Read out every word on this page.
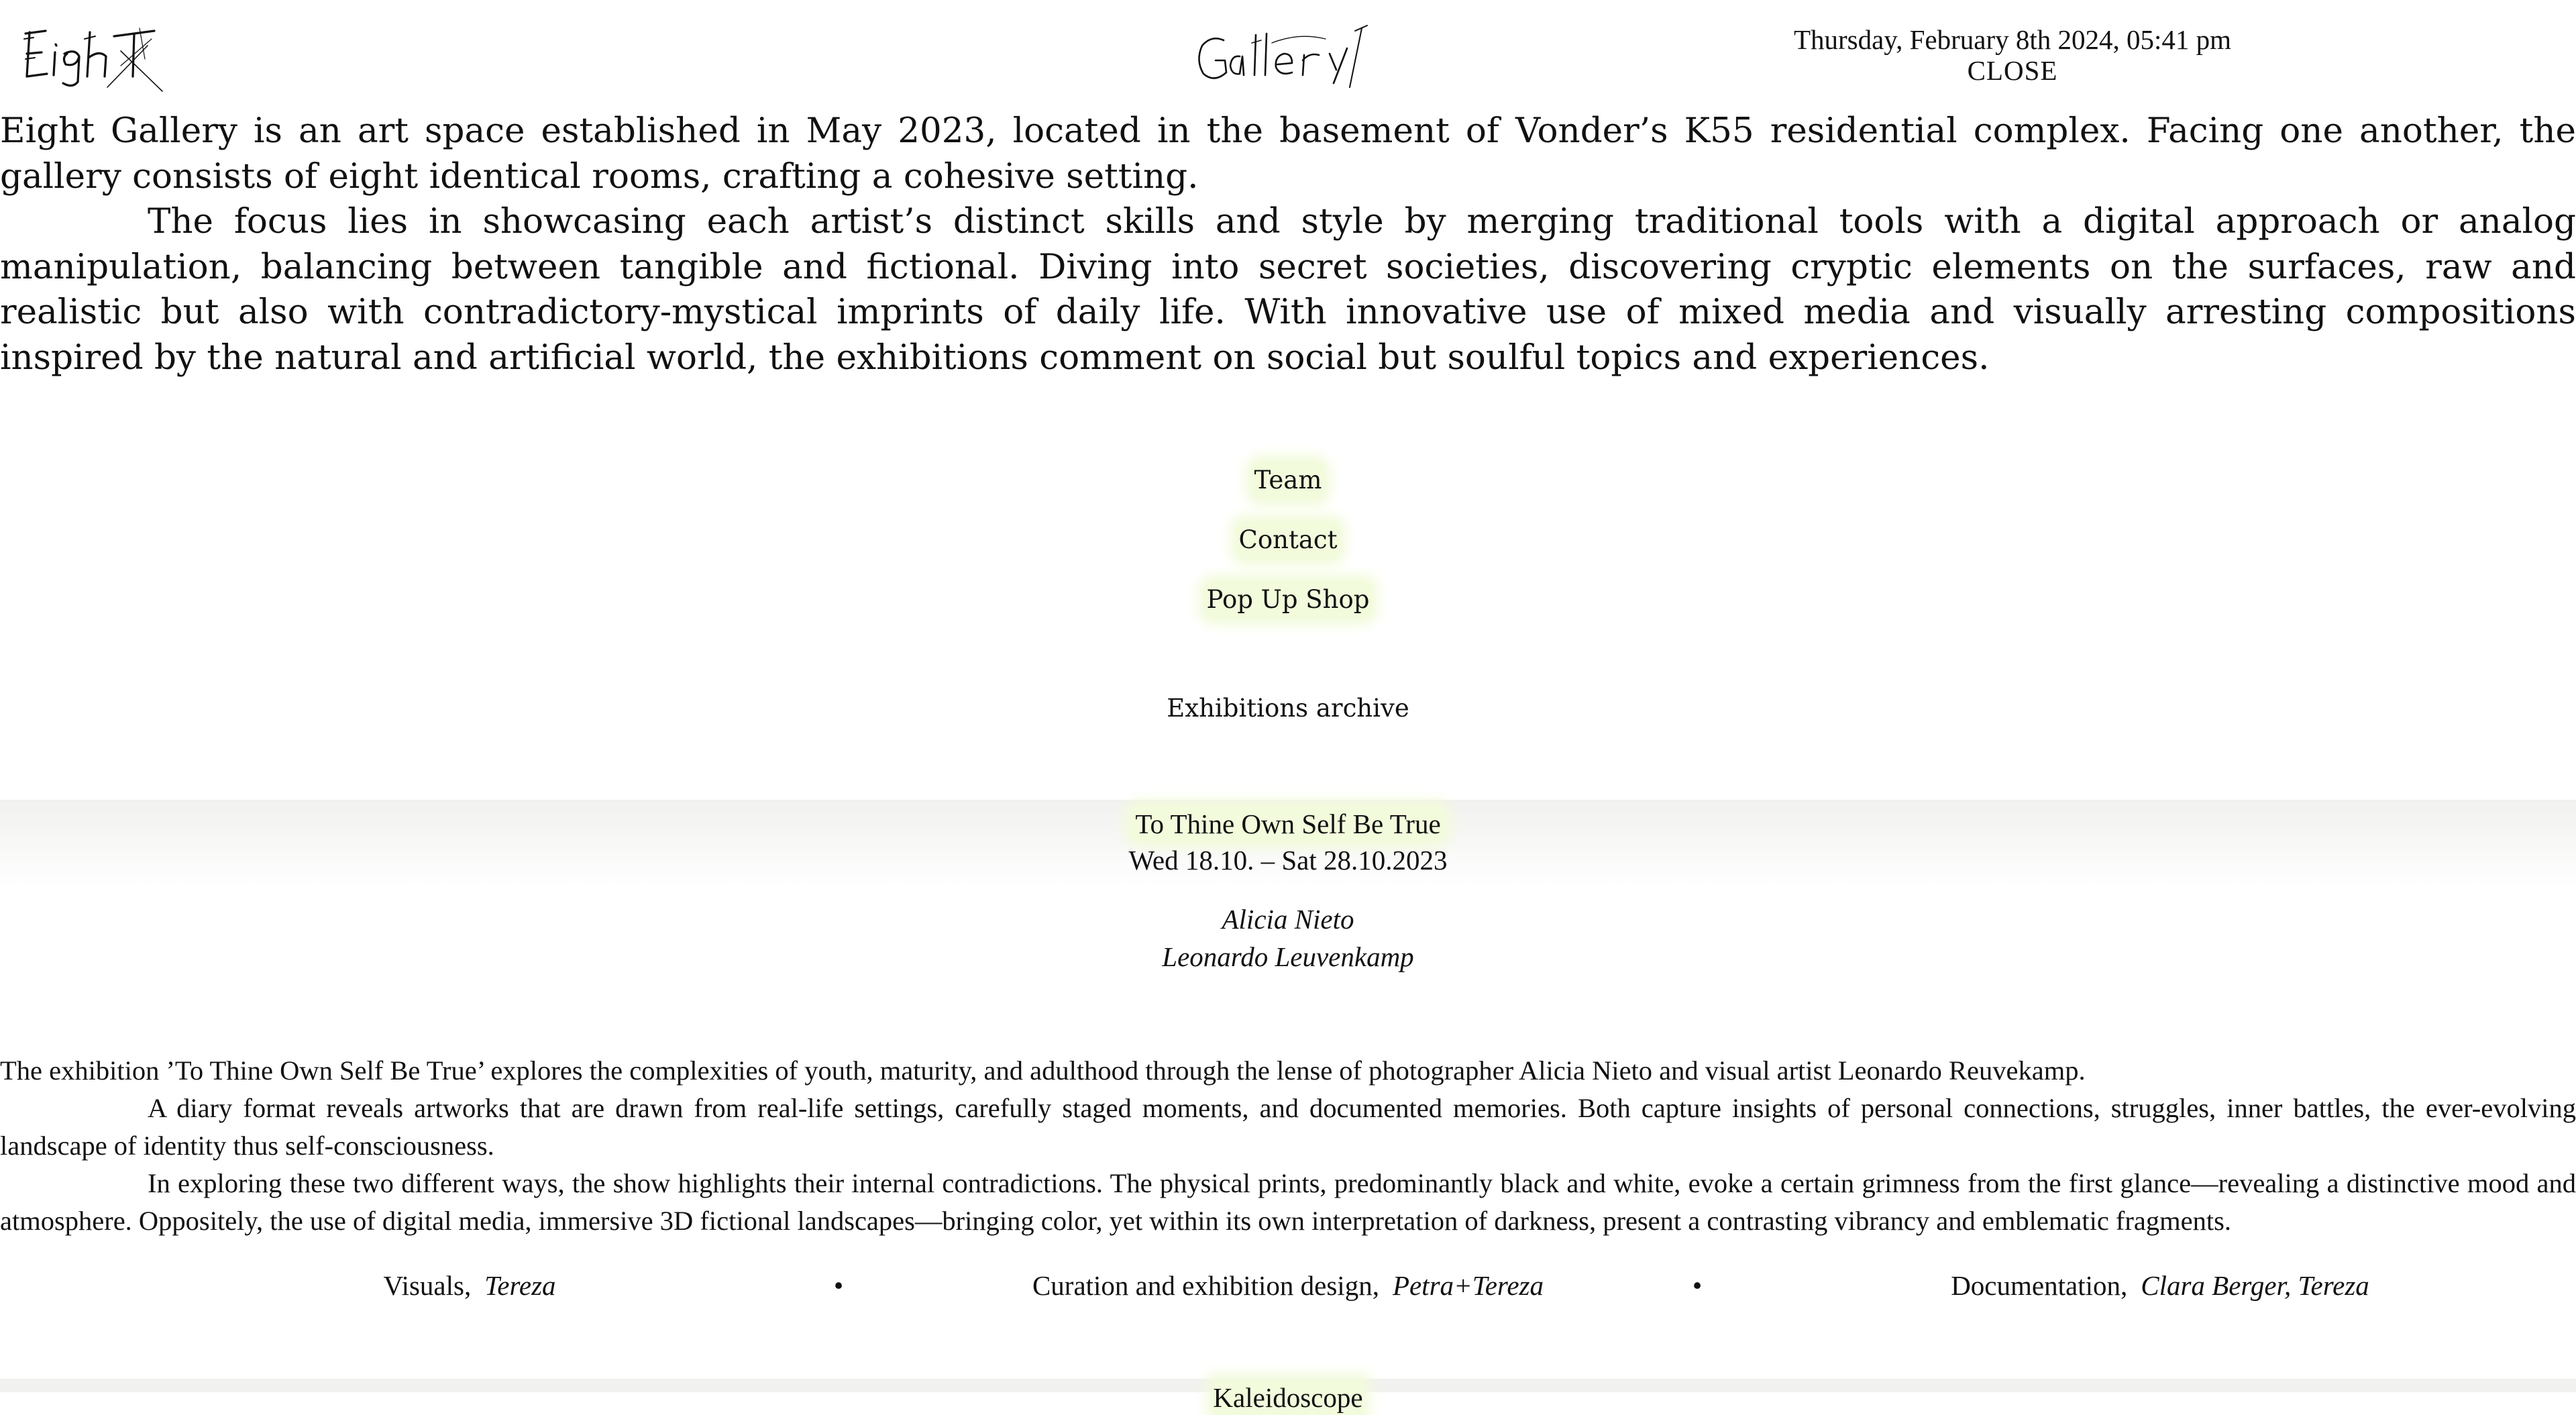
Thursday, February 8th 2024, 05:41 pm
CLOSE

Eight Gallery is an art space established in May 2023, located in the basement of Vonder’s K55 residential complex. Facing one another, the gallery consists of eight identical rooms, crafting a cohesive setting.

The focus lies in showcasing each artist’s distinct skills and style by merging traditional tools with a digital approach or analog manipulation, balancing between tangible and fictional. Diving into secret societies, discovering cryptic elements on the surfaces, raw and realistic but also with contradictory-mystical imprints of daily life. With innovative use of mixed media and visually arresting compositions inspired by the natural and artificial world, the exhibitions comment on social but soulful topics and experiences.

Team
Contact
Pop Up Shop
Exhibitions archive
To Thine Own Self Be True
Wed 18.10. – Sat 28.10.2023
Alicia Nieto
Leonardo Leuvenkamp

The exhibition ’To Thine Own Self Be True’ explores the complexities of youth, maturity, and adulthood through the lense of photographer Alicia Nieto and visual artist Leonardo Reuvekamp.

A diary format reveals artworks that are drawn from real-life settings, carefully staged moments, and documented memories. Both capture insights of personal connections, struggles, inner battles, the ever-evolving landscape of identity thus self-consciousness.

In exploring these two different ways, the show highlights their internal contradictions. The physical prints, predominantly black and white, evoke a certain grimness from the first glance—revealing a distinctive mood and atmosphere. Oppositely, the use of digital media, immersive 3D fictional landscapes—bringing color, yet within its own interpretation of darkness, present a contrasting vibrancy and emblematic fragments.

Visuals, Tereza	•	Curation and exhibition design, Petra+Tereza	•	Documentation, Clara Berger, Tereza
Kaleidoscope
